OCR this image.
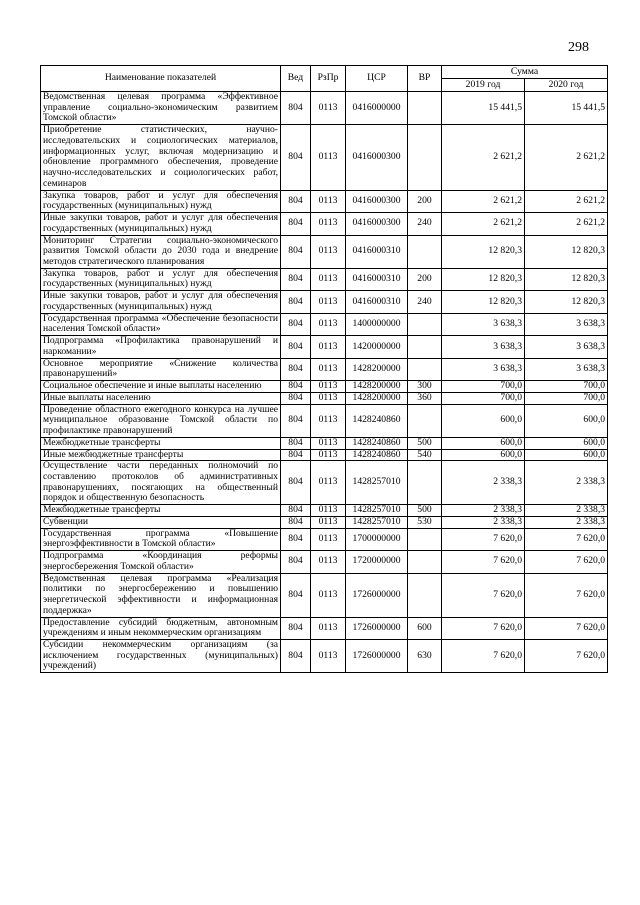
298
Наименование показателей	Вед	РзПр	ЦСР	ВР	Сумма	
					2019 год	2020 год
Ведомственная целевая программа «Эффективное управление социально-экономическим развитием Томской области»	804	0113	0416000000		15 441,5	15 441,5
Приобретение статистических, научно-исследовательских и социологических материалов, информационных услуг, включая модернизацию и обновление программного обеспечения, проведение научно-исследовательских и социологических работ, семинаров	804	0113	0416000300		2 621,2	2 621,2
Закупка товаров, работ и услуг для обеспечения государственных (муниципальных) нужд	804	0113	0416000300	200	2 621,2	2 621,2
Иные закупки товаров, работ и услуг для обеспечения государственных (муниципальных) нужд	804	0113	0416000300	240	2 621,2	2 621,2
Мониторинг Стратегии социально-экономического развития Томской области до 2030 года и внедрение методов стратегического планирования	804	0113	0416000310		12 820,3	12 820,3
Закупка товаров, работ и услуг для обеспечения государственных (муниципальных) нужд	804	0113	0416000310	200	12 820,3	12 820,3
Иные закупки товаров, работ и услуг для обеспечения государственных (муниципальных) нужд	804	0113	0416000310	240	12 820,3	12 820,3
Государственная программа «Обеспечение безопасности населения Томской области»	804	0113	1400000000		3 638,3	3 638,3
Подпрограмма «Профилактика правонарушений и наркомании»	804	0113	1420000000		3 638,3	3 638,3
Основное мероприятие «Снижение количества правонарушений»	804	0113	1428200000		3 638,3	3 638,3
Социальное обеспечение и иные выплаты населению	804	0113	1428200000	300	700,0	700,0
Иные выплаты населению	804	0113	1428200000	360	700,0	700,0
Проведение областного ежегодного конкурса на лучшее муниципальное образование Томской области по профилактике правонарушений	804	0113	1428240860		600,0	600,0
Межбюджетные трансферты	804	0113	1428240860	500	600,0	600,0
Иные межбюджетные трансферты	804	0113	1428240860	540	600,0	600,0
Осуществление части переданных полномочий по составлению протоколов об административных правонарушениях, посягающих на общественный порядок и общественную безопасность	804	0113	1428257010		2 338,3	2 338,3
Межбюджетные трансферты	804	0113	1428257010	500	2 338,3	2 338,3
Субвенции	804	0113	1428257010	530	2 338,3	2 338,3
Государственная программа «Повышение энергоэффективности в Томской области»	804	0113	1700000000		7 620,0	7 620,0
Подпрограмма «Координация реформы энергосбережения Томской области»	804	0113	1720000000		7 620,0	7 620,0
Ведомственная целевая программа «Реализация политики по энергосбережению и повышению энергетической эффективности и информационная поддержка»	804	0113	1726000000		7 620,0	7 620,0
Предоставление субсидий бюджетным, автономным учреждениям и иным некоммерческим организациям	804	0113	1726000000	600	7 620,0	7 620,0
Субсидии некоммерческим организациям (за исключением государственных (муниципальных) учреждений)	804	0113	1726000000	630	7 620,0	7 620,0
